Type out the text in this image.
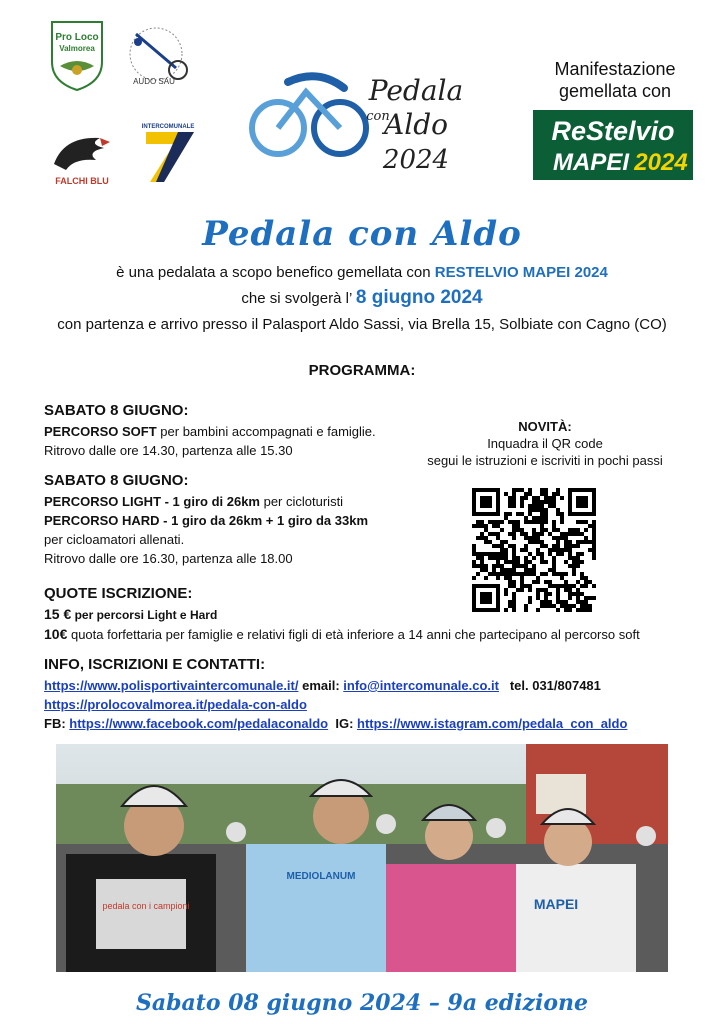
Pro Loco
Valmorea
AUDO SAU
FALCHI BLU
INTERCOMUNALE
Pedala
con
Aldo
2024
Manifestazione
gemellata con
ReStelvio
MAPEI 2024
Pedala con Aldo
è una pedalata a scopo benefico gemellata con RESTELVIO MAPEI 2024
che si svolgerà l’ 8 giugno 2024
con partenza e arrivo presso il Palasport Aldo Sassi, via Brella 15, Solbiate con Cagno (CO)
PROGRAMMA:
SABATO 8 GIUGNO:
PERCORSO SOFT per bambini accompagnati e famiglie.
Ritrovo dalle ore 14.30, partenza alle 15.30
SABATO 8 GIUGNO:
PERCORSO LIGHT - 1 giro di 26km per cicloturisti
PERCORSO HARD - 1 giro da 26km + 1 giro da 33km
per cicloamatori allenati.
Ritrovo dalle ore 16.30, partenza alle 18.00
NOVITÀ:
Inquadra il QR code
segui le istruzioni e iscriviti in pochi passi
QUOTE ISCRIZIONE:
15 € per percorsi Light e Hard
10€ quota forfettaria per famiglie e relativi figli di età inferiore a 14 anni che partecipano al percorso soft
INFO, ISCRIZIONI E CONTATTI:
https://www.polisportivaintercomunale.it/ email: info@intercomunale.co.it   tel. 031/807481
https://prolocovalmorea.it/pedala-con-aldo
FB: https://www.facebook.com/pedalaconaldo  IG: https://www.istagram.com/pedala_con_aldo
pedala con i campioni
MEDIOLANUM
MAPEI
Sabato 08 giugno 2024 – 9a edizione
